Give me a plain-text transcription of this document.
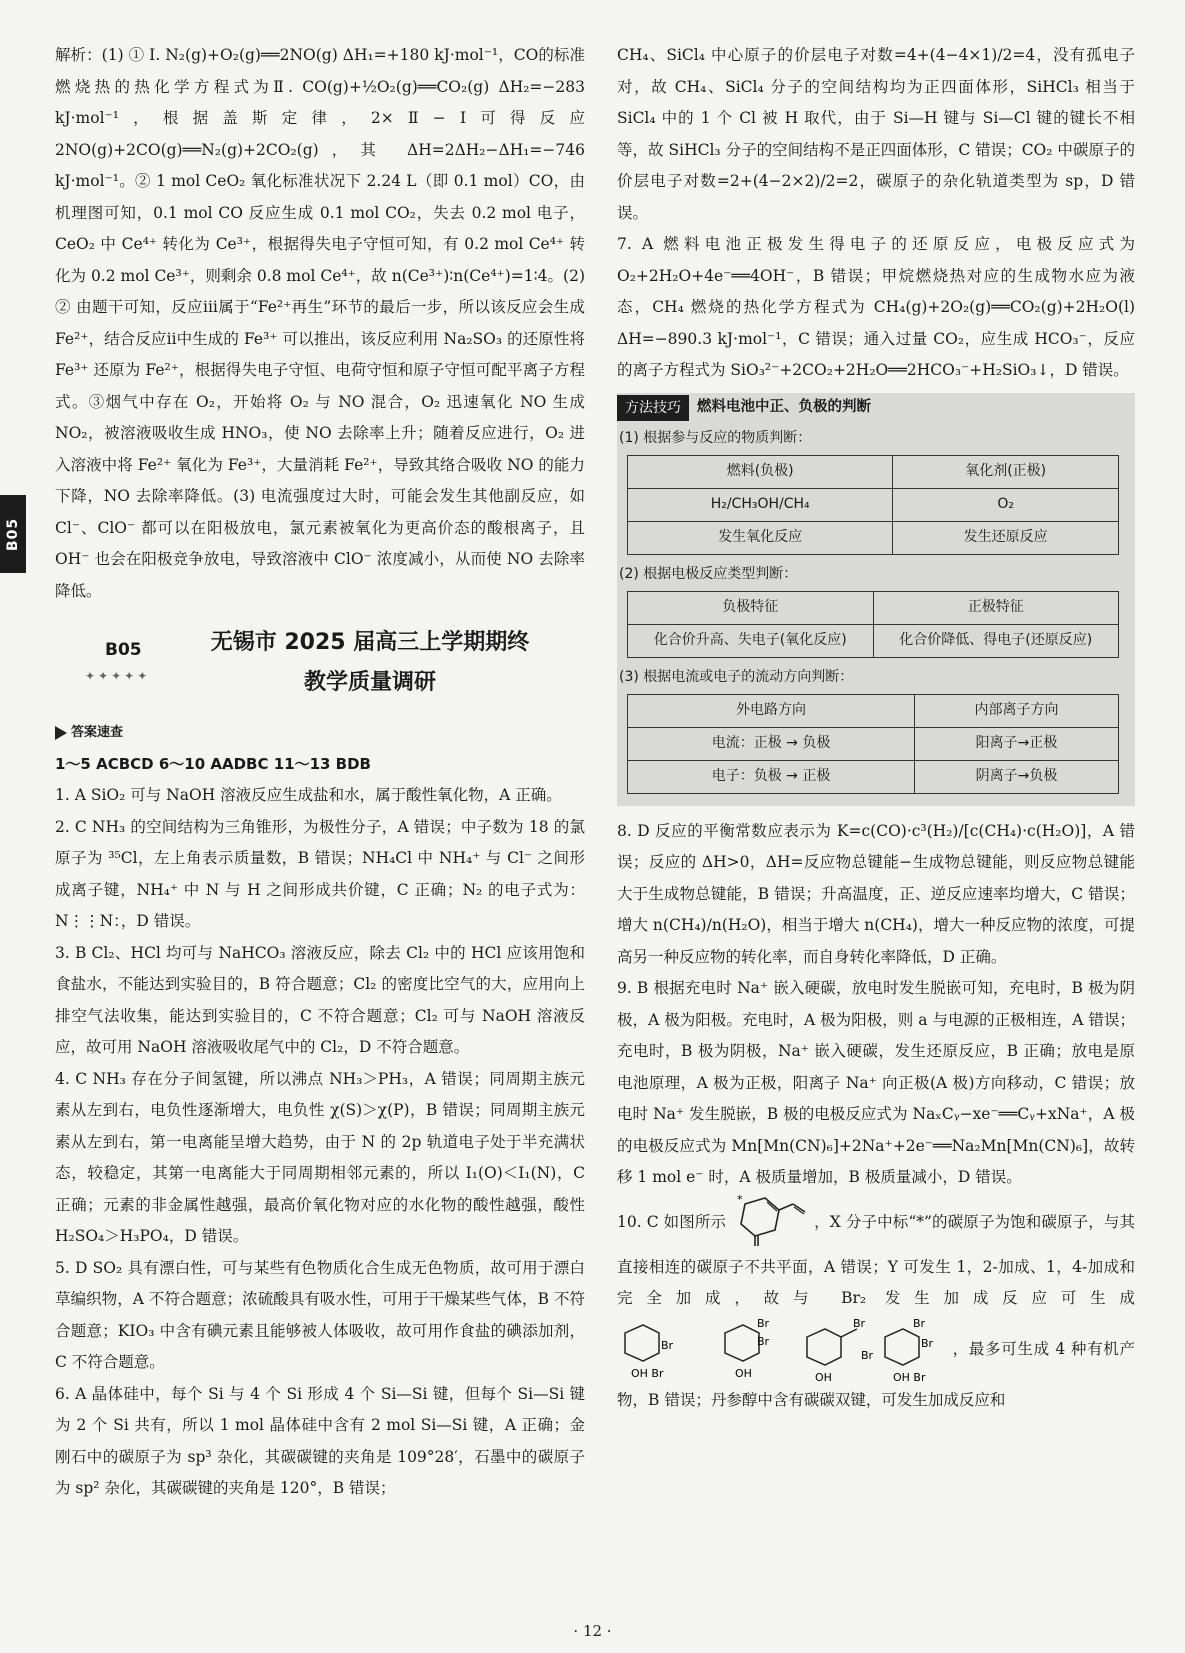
B05

解析：(1) ① Ⅰ. N₂(g)+O₂(g)══2NO(g) ΔH₁=+180 kJ·mol⁻¹，CO的标准燃烧热的热化学方程式为Ⅱ. CO(g)+½O₂(g)══CO₂(g) ΔH₂=−283 kJ·mol⁻¹，根据盖斯定律，2×Ⅱ−Ⅰ可得反应 2NO(g)+2CO(g)══N₂(g)+2CO₂(g)，其 ΔH=2ΔH₂−ΔH₁=−746 kJ·mol⁻¹。② 1 mol CeO₂ 氧化标准状况下 2.24 L（即 0.1 mol）CO，由机理图可知，0.1 mol CO 反应生成 0.1 mol CO₂，失去 0.2 mol 电子，CeO₂ 中 Ce⁴⁺ 转化为 Ce³⁺，根据得失电子守恒可知，有 0.2 mol Ce⁴⁺ 转化为 0.2 mol Ce³⁺，则剩余 0.8 mol Ce⁴⁺，故 n(Ce³⁺)∶n(Ce⁴⁺)=1∶4。(2) ② 由题干可知，反应ⅲ属于“Fe²⁺再生”环节的最后一步，所以该反应会生成 Fe²⁺，结合反应ⅱ中生成的 Fe³⁺ 可以推出，该反应利用 Na₂SO₃ 的还原性将 Fe³⁺ 还原为 Fe²⁺，根据得失电子守恒、电荷守恒和原子守恒可配平离子方程式。③烟气中存在 O₂，开始将 O₂ 与 NO 混合，O₂ 迅速氧化 NO 生成 NO₂，被溶液吸收生成 HNO₃，使 NO 去除率上升；随着反应进行，O₂ 进入溶液中将 Fe²⁺ 氧化为 Fe³⁺，大量消耗 Fe²⁺，导致其络合吸收 NO 的能力下降，NO 去除率降低。(3) 电流强度过大时，可能会发生其他副反应，如 Cl⁻、ClO⁻ 都可以在阳极放电，氯元素被氧化为更高价态的酸根离子，且 OH⁻ 也会在阳极竞争放电，导致溶液中 ClO⁻ 浓度减小，从而使 NO 去除率降低。

B05
✦✦✦✦✦
无锡市 2025 届高三上学期期终
教学质量调研
答案速查
1～5 ACBCD 6～10 AADBC 11～13 BDB

1. A SiO₂ 可与 NaOH 溶液反应生成盐和水，属于酸性氧化物，A 正确。

2. C NH₃ 的空间结构为三角锥形，为极性分子，A 错误；中子数为 18 的氯原子为 ³⁵Cl，左上角表示质量数，B 错误；NH₄Cl 中 NH₄⁺ 与 Cl⁻ 之间形成离子键，NH₄⁺ 中 N 与 H 之间形成共价键，C 正确；N₂ 的电子式为：N⋮⋮N：，D 错误。

3. B Cl₂、HCl 均可与 NaHCO₃ 溶液反应，除去 Cl₂ 中的 HCl 应该用饱和食盐水，不能达到实验目的，B 符合题意；Cl₂ 的密度比空气的大，应用向上排空气法收集，能达到实验目的，C 不符合题意；Cl₂ 可与 NaOH 溶液反应，故可用 NaOH 溶液吸收尾气中的 Cl₂，D 不符合题意。

4. C NH₃ 存在分子间氢键，所以沸点 NH₃＞PH₃，A 错误；同周期主族元素从左到右，电负性逐渐增大，电负性 χ(S)＞χ(P)，B 错误；同周期主族元素从左到右，第一电离能呈增大趋势，由于 N 的 2p 轨道电子处于半充满状态，较稳定，其第一电离能大于同周期相邻元素的，所以 I₁(O)＜I₁(N)，C 正确；元素的非金属性越强，最高价氧化物对应的水化物的酸性越强，酸性 H₂SO₄＞H₃PO₄，D 错误。

5. D SO₂ 具有漂白性，可与某些有色物质化合生成无色物质，故可用于漂白草编织物，A 不符合题意；浓硫酸具有吸水性，可用于干燥某些气体，B 不符合题意；KIO₃ 中含有碘元素且能够被人体吸收，故可用作食盐的碘添加剂，C 不符合题意。

6. A 晶体硅中，每个 Si 与 4 个 Si 形成 4 个 Si—Si 键，但每个 Si—Si 键为 2 个 Si 共有，所以 1 mol 晶体硅中含有 2 mol Si—Si 键，A 正确；金刚石中的碳原子为 sp³ 杂化，其碳碳键的夹角是 109°28′，石墨中的碳原子为 sp² 杂化，其碳碳键的夹角是 120°，B 错误；

CH₄、SiCl₄ 中心原子的价层电子对数=4+(4−4×1)/2=4，没有孤电子对，故 CH₄、SiCl₄ 分子的空间结构均为正四面体形，SiHCl₃ 相当于 SiCl₄ 中的 1 个 Cl 被 H 取代，由于 Si—H 键与 Si—Cl 键的键长不相等，故 SiHCl₃ 分子的空间结构不是正四面体形，C 错误；CO₂ 中碳原子的价层电子对数=2+(4−2×2)/2=2，碳原子的杂化轨道类型为 sp，D 错误。

7. A 燃料电池正极发生得电子的还原反应，电极反应式为 O₂+2H₂O+4e⁻══4OH⁻，B 错误；甲烷燃烧热对应的生成物水应为液态，CH₄ 燃烧的热化学方程式为 CH₄(g)+2O₂(g)══CO₂(g)+2H₂O(l) ΔH=−890.3 kJ·mol⁻¹，C 错误；通入过量 CO₂，应生成 HCO₃⁻，反应的离子方程式为 SiO₃²⁻+2CO₂+2H₂O══2HCO₃⁻+H₂SiO₃↓，D 错误。

方法技巧	燃料电池中正、负极的判断
(1) 根据参与反应的物质判断：
燃料(负极)	氧化剂(正极)
H₂/CH₃OH/CH₄	O₂
发生氧化反应	发生还原反应
(2) 根据电极反应类型判断：
负极特征	正极特征
化合价升高、失电子(氧化反应)	化合价降低、得电子(还原反应)
(3) 根据电流或电子的流动方向判断：
外电路方向	内部离子方向
电流：正极 → 负极	阳离子→正极
电子：负极 → 正极	阴离子→负极

8. D 反应的平衡常数应表示为 K=c(CO)·c³(H₂)/[c(CH₄)·c(H₂O)]，A 错误；反应的 ΔH>0，ΔH=反应物总键能−生成物总键能，则反应物总键能大于生成物总键能，B 错误；升高温度，正、逆反应速率均增大，C 错误；增大 n(CH₄)/n(H₂O)，相当于增大 n(CH₄)，增大一种反应物的浓度，可提高另一种反应物的转化率，而自身转化率降低，D 正确。

9. B 根据充电时 Na⁺ 嵌入硬碳，放电时发生脱嵌可知，充电时，B 极为阴极，A 极为阳极。充电时，A 极为阳极，则 a 与电源的正极相连，A 错误；充电时，B 极为阴极，Na⁺ 嵌入硬碳，发生还原反应，B 正确；放电是原电池原理，A 极为正极，阳离子 Na⁺ 向正极(A 极)方向移动，C 错误；放电时 Na⁺ 发生脱嵌，B 极的电极反应式为 NaₓCᵧ−xe⁻══Cᵧ+xNa⁺，A 极的电极反应式为 Mn[Mn(CN)₆]+2Na⁺+2e⁻══Na₂Mn[Mn(CN)₆]，故转移 1 mol e⁻ 时，A 极质量增加，B 极质量减小，D 错误。

10. C 如图所示
*
，X 分子中标“*”的碳原子为饱和碳原子，与其直接相连的碳原子不共平面，A 错误；Y 可发生 1，2-加成、1，4-加成和完全加成，故与 Br₂ 发生加成反应可生成
Br
OH Br
Br
Br
OH
Br
Br
OH
Br
Br
OH Br
，最多可生成 4 种有机产物，B 错误；丹参醇中含有碳碳双键，可发生加成反应和

· 12 ·
